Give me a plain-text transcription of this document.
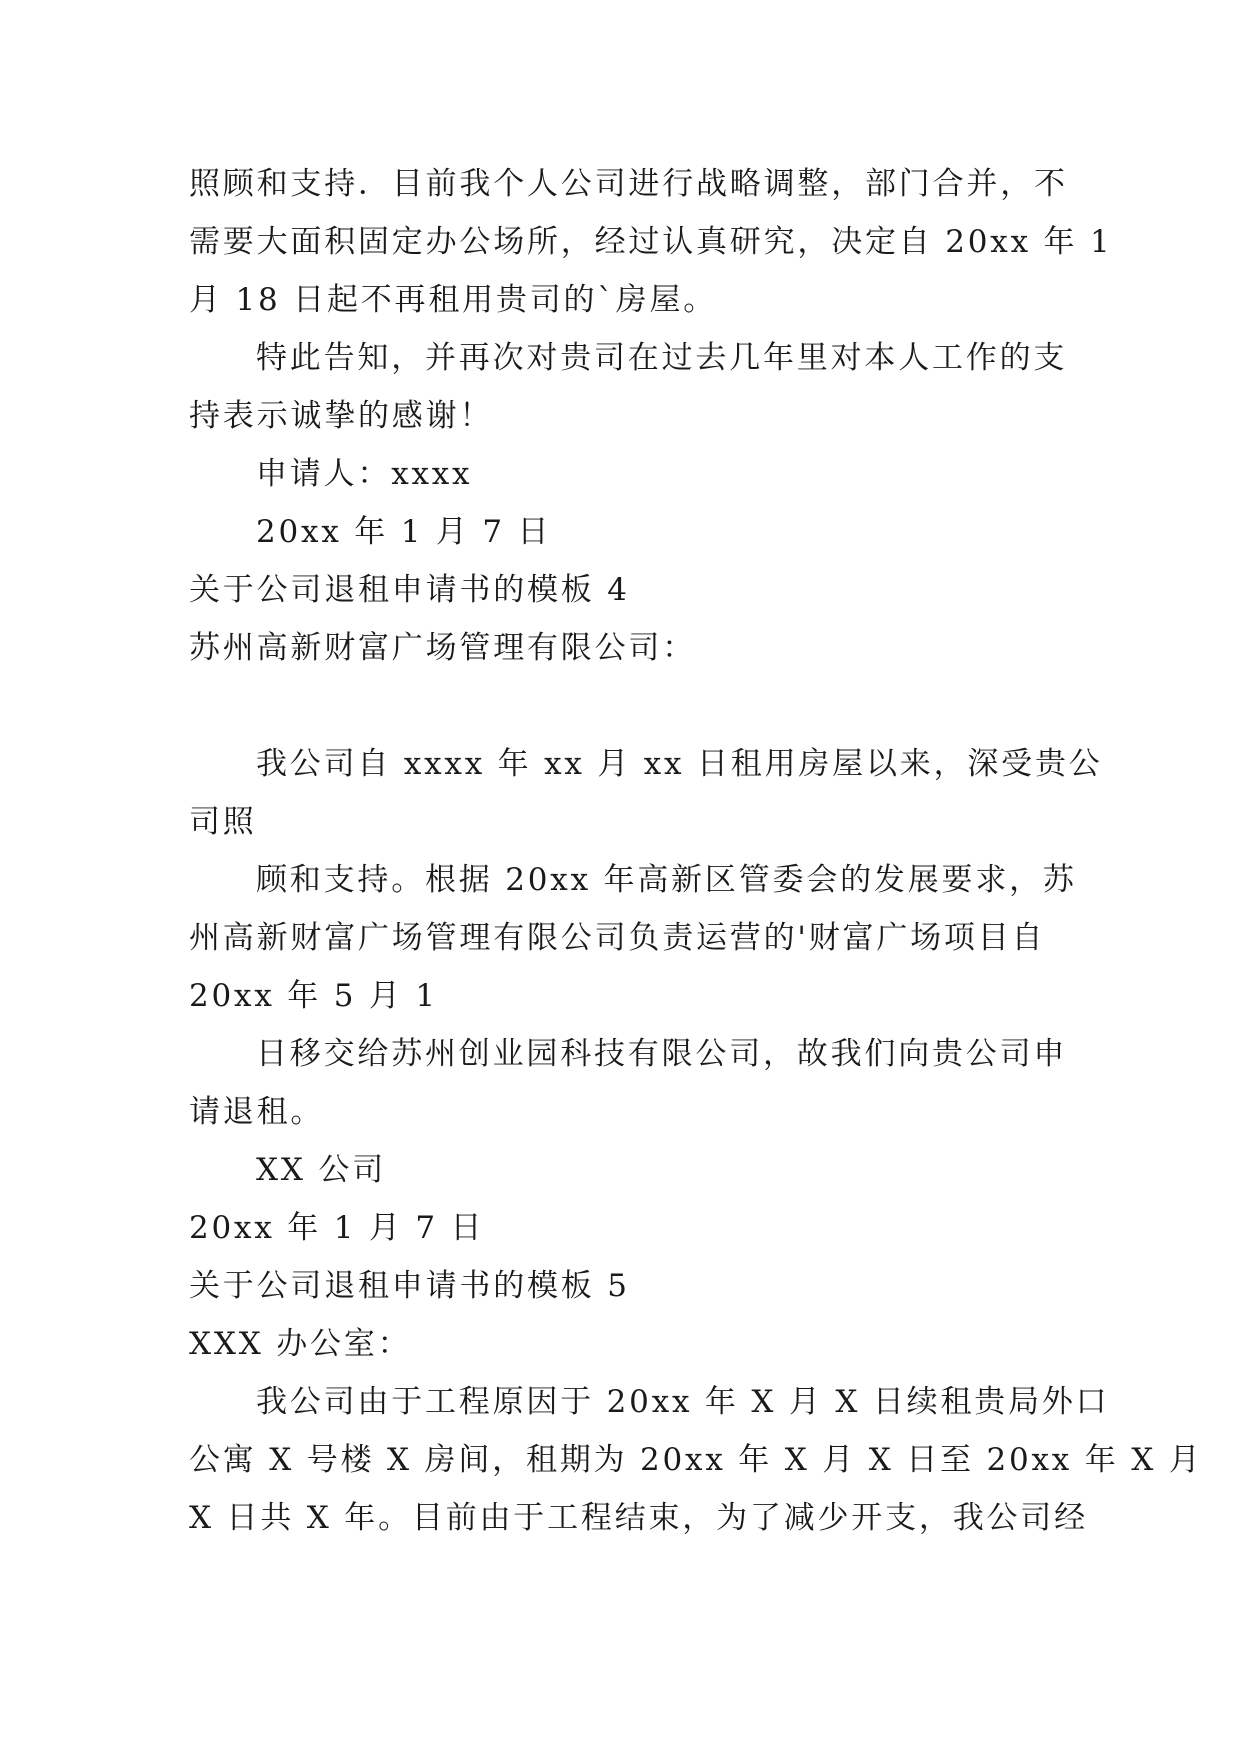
照顾和支持．目前我个人公司进行战略调整，部门合并，不
需要大面积固定办公场所，经过认真研究，决定自 20xx 年 1
月 18 日起不再租用贵司的`房屋。
特此告知，并再次对贵司在过去几年里对本人工作的支
持表示诚挚的感谢！
申请人：xxxx
20xx 年 1 月 7 日
关于公司退租申请书的模板 4
苏州高新财富广场管理有限公司：
我公司自 xxxx 年 xx 月 xx 日租用房屋以来，深受贵公
司照
顾和支持。根据 20xx 年高新区管委会的发展要求，苏
州高新财富广场管理有限公司负责运营的'财富广场项目自
20xx 年 5 月 1
日移交给苏州创业园科技有限公司，故我们向贵公司申
请退租。
XX 公司
20xx 年 1 月 7 日
关于公司退租申请书的模板 5
XXX 办公室：
我公司由于工程原因于 20xx 年 X 月 X 日续租贵局外口
公寓 X 号楼 X 房间，租期为 20xx 年 X 月 X 日至 20xx 年 X 月
X 日共 X 年。目前由于工程结束，为了减少开支，我公司经
